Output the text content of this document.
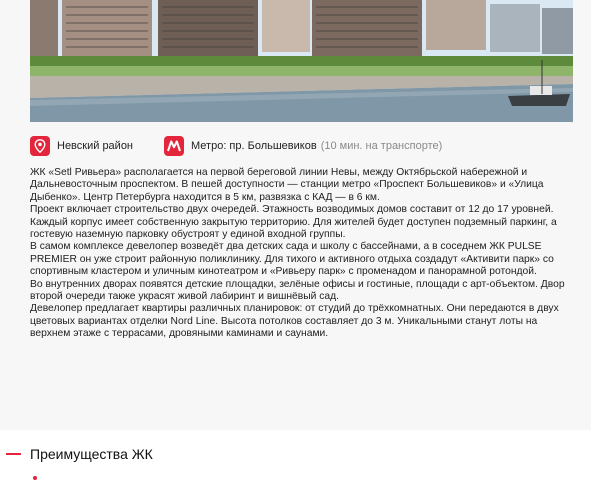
Невский район	Метро: пр. Большевиков (10 мин. на транспорте)

ЖК «Setl Ривьера» располагается на первой береговой линии Невы, между Октябрьской набережной и Дальневосточным проспектом. В пешей доступности — станции метро «Проспект Большевиков» и «Улица Дыбенко». Центр Петербурга находится в 5 км, развязка с КАД — в 6 км.

Проект включает строительство двух очередей. Этажность возводимых домов составит от 12 до 17 уровней. Каждый корпус имеет собственную закрытую территорию. Для жителей будет доступен подземный паркинг, а гостевую наземную парковку обустроят у единой входной группы.

В самом комплексе девелопер возведёт два детских сада и школу с бассейнами, а в соседнем ЖК PULSE PREMIER он уже строит районную поликлинику. Для тихого и активного отдыха создадут «Активити парк» со спортивным кластером и уличным кинотеатром и «Ривьеру парк» с променадом и панорамной ротондой.

Во внутренних дворах появятся детские площадки, зелёные офисы и гостиные, площади с арт-объектом. Двор второй очереди также украсят живой лабиринт и вишнёвый сад.

Девелопер предлагает квартиры различных планировок: от студий до трёхкомнатных. Они передаются в двух цветовых вариантах отделки Nord Line. Высота потолков составляет до 3 м. Уникальными станут лоты на верхнем этаже с террасами, дровяными каминами и саунами.

Преимущества ЖК
